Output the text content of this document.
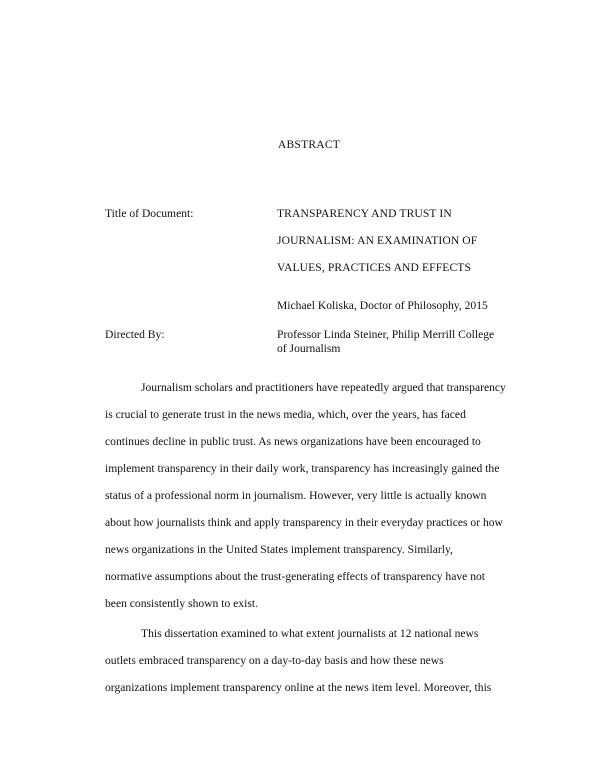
ABSTRACT
Title of Document:	TRANSPARENCY AND TRUST IN
JOURNALISM: AN EXAMINATION OF
VALUES, PRACTICES AND EFFECTS
Michael Koliska, Doctor of Philosophy, 2015
Directed By:	Professor Linda Steiner, Philip Merrill College
of Journalism
Journalism scholars and practitioners have repeatedly argued that transparency
is crucial to generate trust in the news media, which, over the years, has faced
continues decline in public trust. As news organizations have been encouraged to
implement transparency in their daily work, transparency has increasingly gained the
status of a professional norm in journalism. However, very little is actually known
about how journalists think and apply transparency in their everyday practices or how
news organizations in the United States implement transparency. Similarly,
normative assumptions about the trust-generating effects of transparency have not
been consistently shown to exist.
This dissertation examined to what extent journalists at 12 national news
outlets embraced transparency on a day-to-day basis and how these news
organizations implement transparency online at the news item level. Moreover, this
